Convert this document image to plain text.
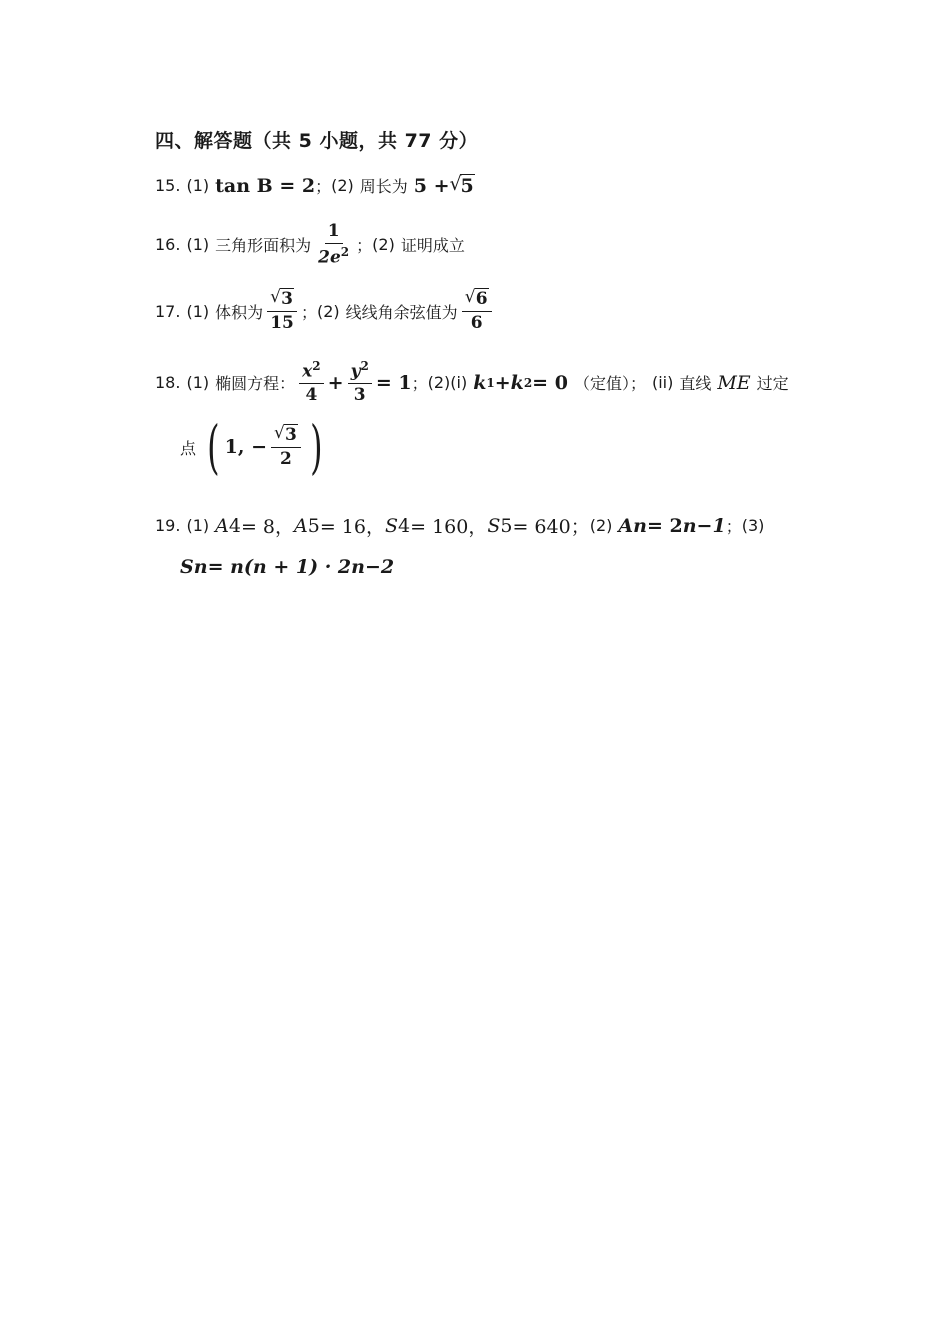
四、解答题（共 5 小题，共 77 分）
15. (1) tan B = 2 ； (2) 周长为 5 + √ 5
16. (1) 三角形面积为 $\frac{1}{2e^2}$ ； (2) 证明成立
17. (1) 体积为 √ $\frac{3}{15}$ ； (2) 线线角余弦值为 √ $\frac{6}{6}$
18. (1) 椭圆方程： $\frac{x^2}{4} + \frac{y^2}{3} = 1$ ； (2)(i) k 1 + k 2 = 0 （定值）； (ii) 直线 ME 过定
点 ( 1, − √ $\frac{3}{2}$ )
19. (1) A 4 = 8， A 5 = 16， S 4 = 160， S 5 = 640； (2) A n = 2 n−1 ； (3)
S n = n(n + 1) · 2 n−2
